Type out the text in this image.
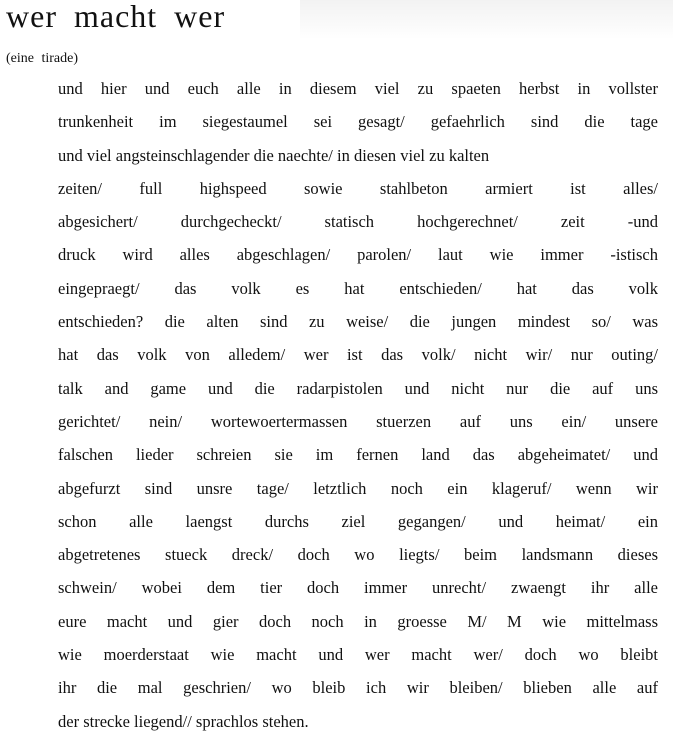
wer macht wer

(eine tirade)

und hier und euch alle in diesem viel zu spaeten herbst in vollster
trunkenheit im siegestaumel sei gesagt/ gefaehrlich sind die tage
und viel angsteinschlagender die naechte/ in diesen viel zu kalten
zeiten/ full highspeed sowie stahlbeton armiert ist alles/
abgesichert/ durchgecheckt/ statisch hochgerechnet/ zeit -und
druck wird alles abgeschlagen/ parolen/ laut wie immer -istisch
eingepraegt/ das volk es hat entschieden/ hat das volk
entschieden? die alten sind zu weise/ die jungen mindest so/ was
hat das volk von alledem/ wer ist das volk/ nicht wir/ nur outing/
talk and game und die radarpistolen und nicht nur die auf uns
gerichtet/ nein/ wortewoertermassen stuerzen auf uns ein/ unsere
falschen lieder schreien sie im fernen land das abgeheimatet/ und
abgefurzt sind unsre tage/ letztlich noch ein klageruf/ wenn wir
schon alle laengst durchs ziel gegangen/ und heimat/ ein
abgetretenes stueck dreck/ doch wo liegts/ beim landsmann dieses
schwein/ wobei dem tier doch immer unrecht/ zwaengt ihr alle
eure macht und gier doch noch in groesse M/ M wie mittelmass
wie moerderstaat wie macht und wer macht wer/ doch wo bleibt
ihr die mal geschrien/ wo bleib ich wir bleiben/ blieben alle auf
der strecke liegend// sprachlos stehen.
